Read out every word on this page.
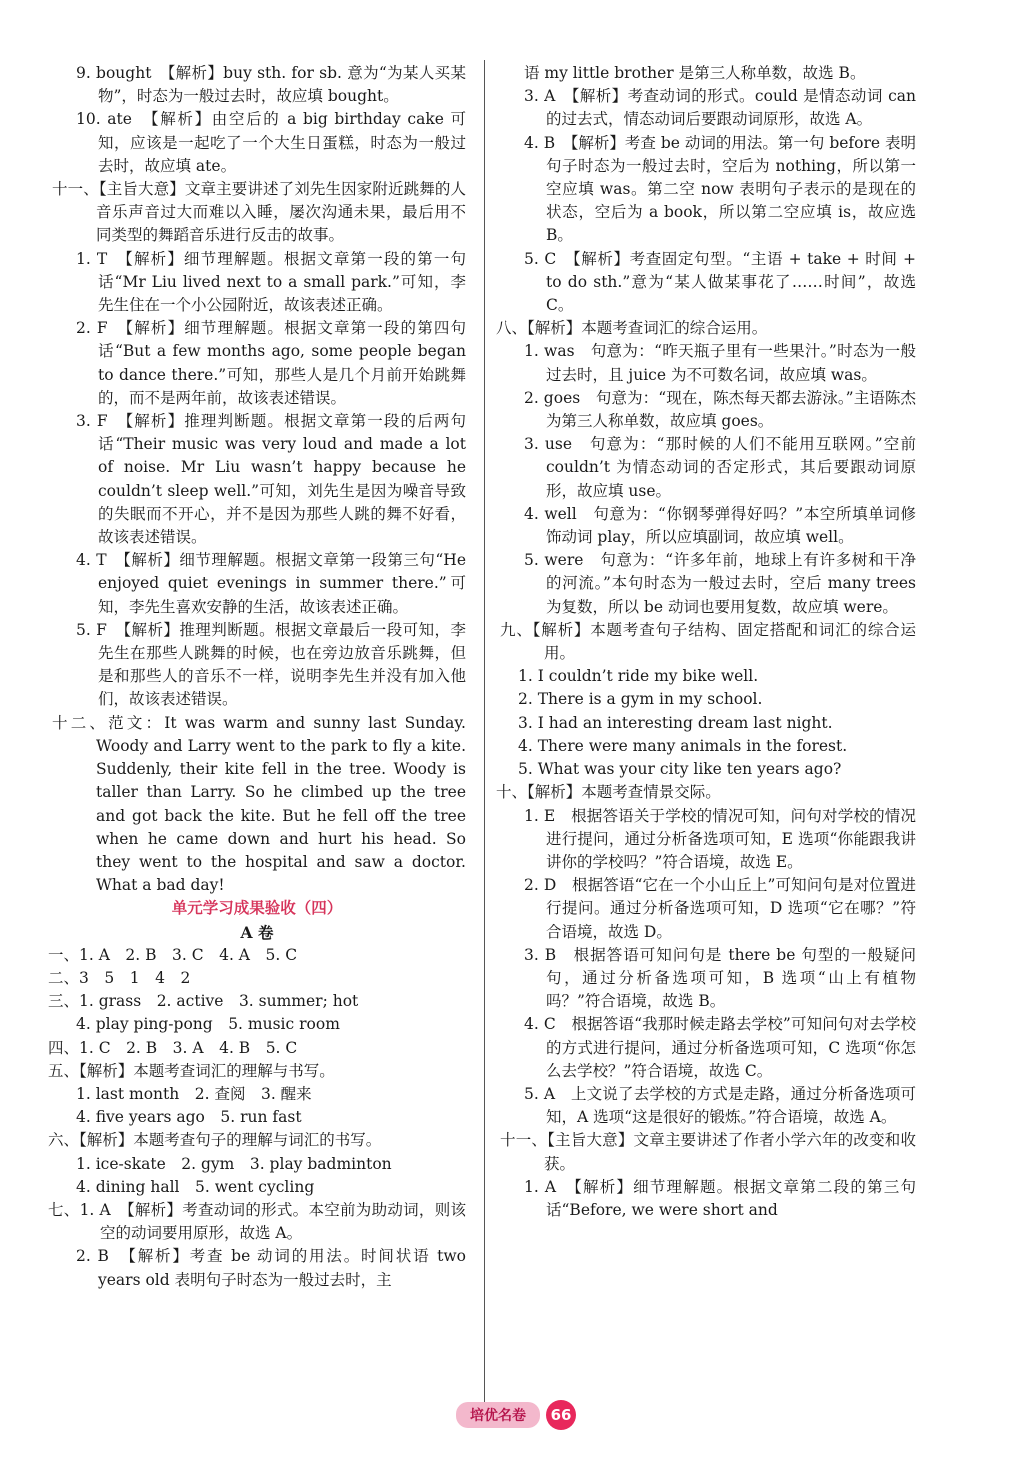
9. bought　【解析】buy sth. for sb. 意为“为某人买某物”，时态为一般过去时，故应填 bought。

10. ate　【解析】由空后的 a big birthday cake 可知，应该是一起吃了一个大生日蛋糕，时态为一般过去时，故应填 ate。

十一、【主旨大意】文章主要讲述了刘先生因家附近跳舞的人音乐声音过大而难以入睡，屡次沟通未果，最后用不同类型的舞蹈音乐进行反击的故事。

1. T　【解析】细节理解题。根据文章第一段的第一句话“Mr Liu lived next to a small park.”可知，李先生住在一个小公园附近，故该表述正确。

2. F　【解析】细节理解题。根据文章第一段的第四句话“But a few months ago, some people began to dance there.”可知，那些人是几个月前开始跳舞的，而不是两年前，故该表述错误。

3. F　【解析】推理判断题。根据文章第一段的后两句话“Their music was very loud and made a lot of noise. Mr Liu wasn’t happy because he couldn’t sleep well.”可知，刘先生是因为噪音导致的失眠而不开心，并不是因为那些人跳的舞不好看，故该表述错误。

4. T　【解析】细节理解题。根据文章第一段第三句“He enjoyed quiet evenings in summer there.”可知，李先生喜欢安静的生活，故该表述正确。

5. F　【解析】推理判断题。根据文章最后一段可知，李先生在那些人跳舞的时候，也在旁边放音乐跳舞，但是和那些人的音乐不一样，说明李先生并没有加入他们，故该表述错误。

十二、范文：It was warm and sunny last Sunday. Woody and Larry went to the park to fly a kite. Suddenly, their kite fell in the tree. Woody is taller than Larry. So he climbed up the tree and got back the kite. But he fell off the tree when he came down and hurt his head. So they went to the hospital and saw a doctor. What a bad day!

单元学习成果验收（四）

A 卷

一、1. A　2. B　3. C　4. A　5. C

二、3　5　1　4　2

三、1. grass　2. active　3. summer; hot

4. play ping-pong　5. music room

四、1. C　2. B　3. A　4. B　5. C

五、【解析】本题考查词汇的理解与书写。

1. last month　2. 查阅　3. 醒来

4. five years ago　5. run fast

六、【解析】本题考查句子的理解与词汇的书写。

1. ice-skate　2. gym　3. play badminton

4. dining hall　5. went cycling

七、1. A　【解析】考查动词的形式。本空前为助动词，则该空的动词要用原形，故选 A。

2. B　【解析】考查 be 动词的用法。时间状语 two years old 表明句子时态为一般过去时，主

语 my little brother 是第三人称单数，故选 B。

3. A　【解析】考查动词的形式。could 是情态动词 can 的过去式，情态动词后要跟动词原形，故选 A。

4. B　【解析】考查 be 动词的用法。第一句 before 表明句子时态为一般过去时，空后为 nothing，所以第一空应填 was。第二空 now 表明句子表示的是现在的状态，空后为 a book，所以第二空应填 is，故应选 B。

5. C　【解析】考查固定句型。“主语 + take + 时间 + to do sth.”意为“某人做某事花了……时间”，故选 C。

八、【解析】本题考查词汇的综合运用。

1. was　句意为：“昨天瓶子里有一些果汁。”时态为一般过去时，且 juice 为不可数名词，故应填 was。

2. goes　句意为：“现在，陈杰每天都去游泳。”主语陈杰为第三人称单数，故应填 goes。

3. use　句意为：“那时候的人们不能用互联网。”空前 couldn’t 为情态动词的否定形式，其后要跟动词原形，故应填 use。

4. well　句意为：“你钢琴弹得好吗？”本空所填单词修饰动词 play，所以应填副词，故应填 well。

5. were　句意为：“许多年前，地球上有许多树和干净的河流。”本句时态为一般过去时，空后 many trees 为复数，所以 be 动词也要用复数，故应填 were。

九、【解析】本题考查句子结构、固定搭配和词汇的综合运用。

1. I couldn’t ride my bike well.

2. There is a gym in my school.

3. I had an interesting dream last night.

4. There were many animals in the forest.

5. What was your city like ten years ago?

十、【解析】本题考查情景交际。

1. E　根据答语关于学校的情况可知，问句对学校的情况进行提问，通过分析备选项可知，E 选项“你能跟我讲讲你的学校吗？”符合语境，故选 E。

2. D　根据答语“它在一个小山丘上”可知问句是对位置进行提问。通过分析备选项可知，D 选项“它在哪？”符合语境，故选 D。

3. B　根据答语可知问句是 there be 句型的一般疑问句，通过分析备选项可知，B 选项“山上有植物吗？”符合语境，故选 B。

4. C　根据答语“我那时候走路去学校”可知问句对去学校的方式进行提问，通过分析备选项可知，C 选项“你怎么去学校？”符合语境，故选 C。

5. A　上文说了去学校的方式是走路，通过分析备选项可知，A 选项“这是很好的锻炼。”符合语境，故选 A。

十一、【主旨大意】文章主要讲述了作者小学六年的改变和收获。

1. A　【解析】细节理解题。根据文章第二段的第三句话“Before, we were short and

培优名卷	66
